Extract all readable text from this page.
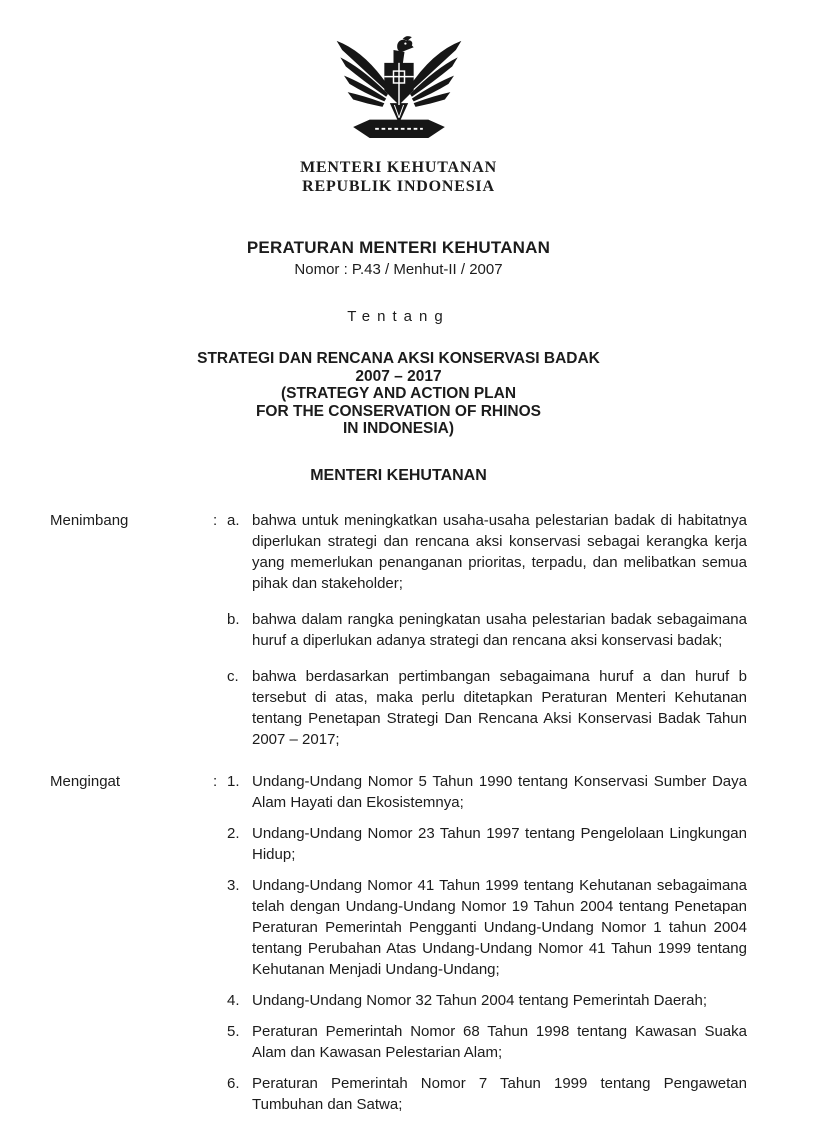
MENTERI KEHUTANAN
REPUBLIK INDONESIA
PERATURAN MENTERI KEHUTANAN
Nomor : P.43 / Menhut-II / 2007
Tentang
STRATEGI DAN RENCANA AKSI KONSERVASI BADAK
2007 – 2017
(STRATEGY AND ACTION PLAN
FOR THE CONSERVATION OF RHINOS
IN INDONESIA)
MENTERI KEHUTANAN
Menimbang	: a. bahwa untuk meningkatkan usaha-usaha pelestarian badak di habitatnya diperlukan strategi dan rencana aksi konservasi sebagai kerangka kerja yang memerlukan penanganan prioritas, terpadu, dan melibatkan semua pihak dan stakeholder;
b. bahwa dalam rangka peningkatan usaha pelestarian badak sebagaimana huruf a diperlukan adanya strategi dan rencana aksi konservasi badak;
c. bahwa berdasarkan pertimbangan sebagaimana huruf a dan huruf b tersebut di atas, maka perlu ditetapkan Peraturan Menteri Kehutanan tentang Penetapan Strategi Dan Rencana Aksi Konservasi Badak Tahun 2007 – 2017;
Mengingat	: 1. Undang-Undang Nomor 5 Tahun 1990 tentang Konservasi Sumber Daya Alam Hayati dan Ekosistemnya;
2. Undang-Undang Nomor 23 Tahun 1997 tentang Pengelolaan Lingkungan Hidup;
3. Undang-Undang Nomor 41 Tahun 1999 tentang Kehutanan sebagaimana telah dengan Undang-Undang Nomor 19 Tahun 2004 tentang Penetapan Peraturan Pemerintah Pengganti Undang-Undang Nomor 1 tahun 2004 tentang Perubahan Atas Undang-Undang Nomor 41 Tahun 1999 tentang Kehutanan Menjadi Undang-Undang;
4. Undang-Undang Nomor 32 Tahun 2004 tentang Pemerintah Daerah;
5. Peraturan Pemerintah Nomor 68 Tahun 1998 tentang Kawasan Suaka Alam dan Kawasan Pelestarian Alam;
6. Peraturan Pemerintah Nomor 7 Tahun 1999 tentang Pengawetan Tumbuhan dan Satwa;
